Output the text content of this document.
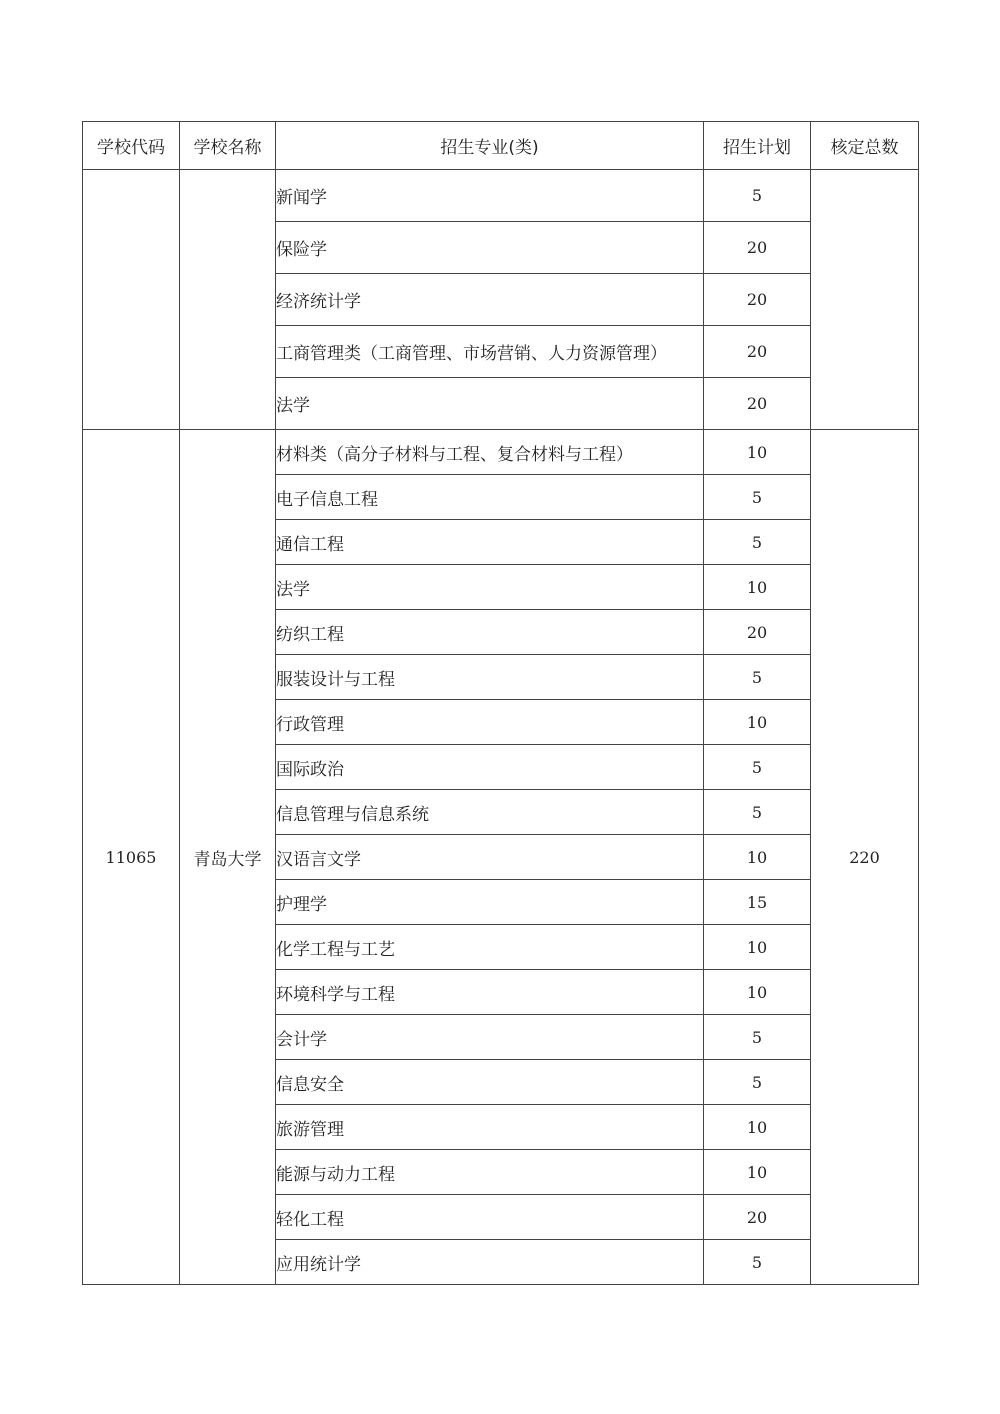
学校代码	学校名称	招生专业(类)	招生计划	核定总数
		新闻学	5	
		保险学	20	
		经济统计学	20	
		工商管理类（工商管理、市场营销、人力资源管理）	20	
		法学	20	
11065	青岛大学	材料类（高分子材料与工程、复合材料与工程）	10	220
		电子信息工程	5	
		通信工程	5	
		法学	10	
		纺织工程	20	
		服装设计与工程	5	
		行政管理	10	
		国际政治	5	
		信息管理与信息系统	5	
		汉语言文学	10	
		护理学	15	
		化学工程与工艺	10	
		环境科学与工程	10	
		会计学	5	
		信息安全	5	
		旅游管理	10	
		能源与动力工程	10	
		轻化工程	20	
		应用统计学	5	
